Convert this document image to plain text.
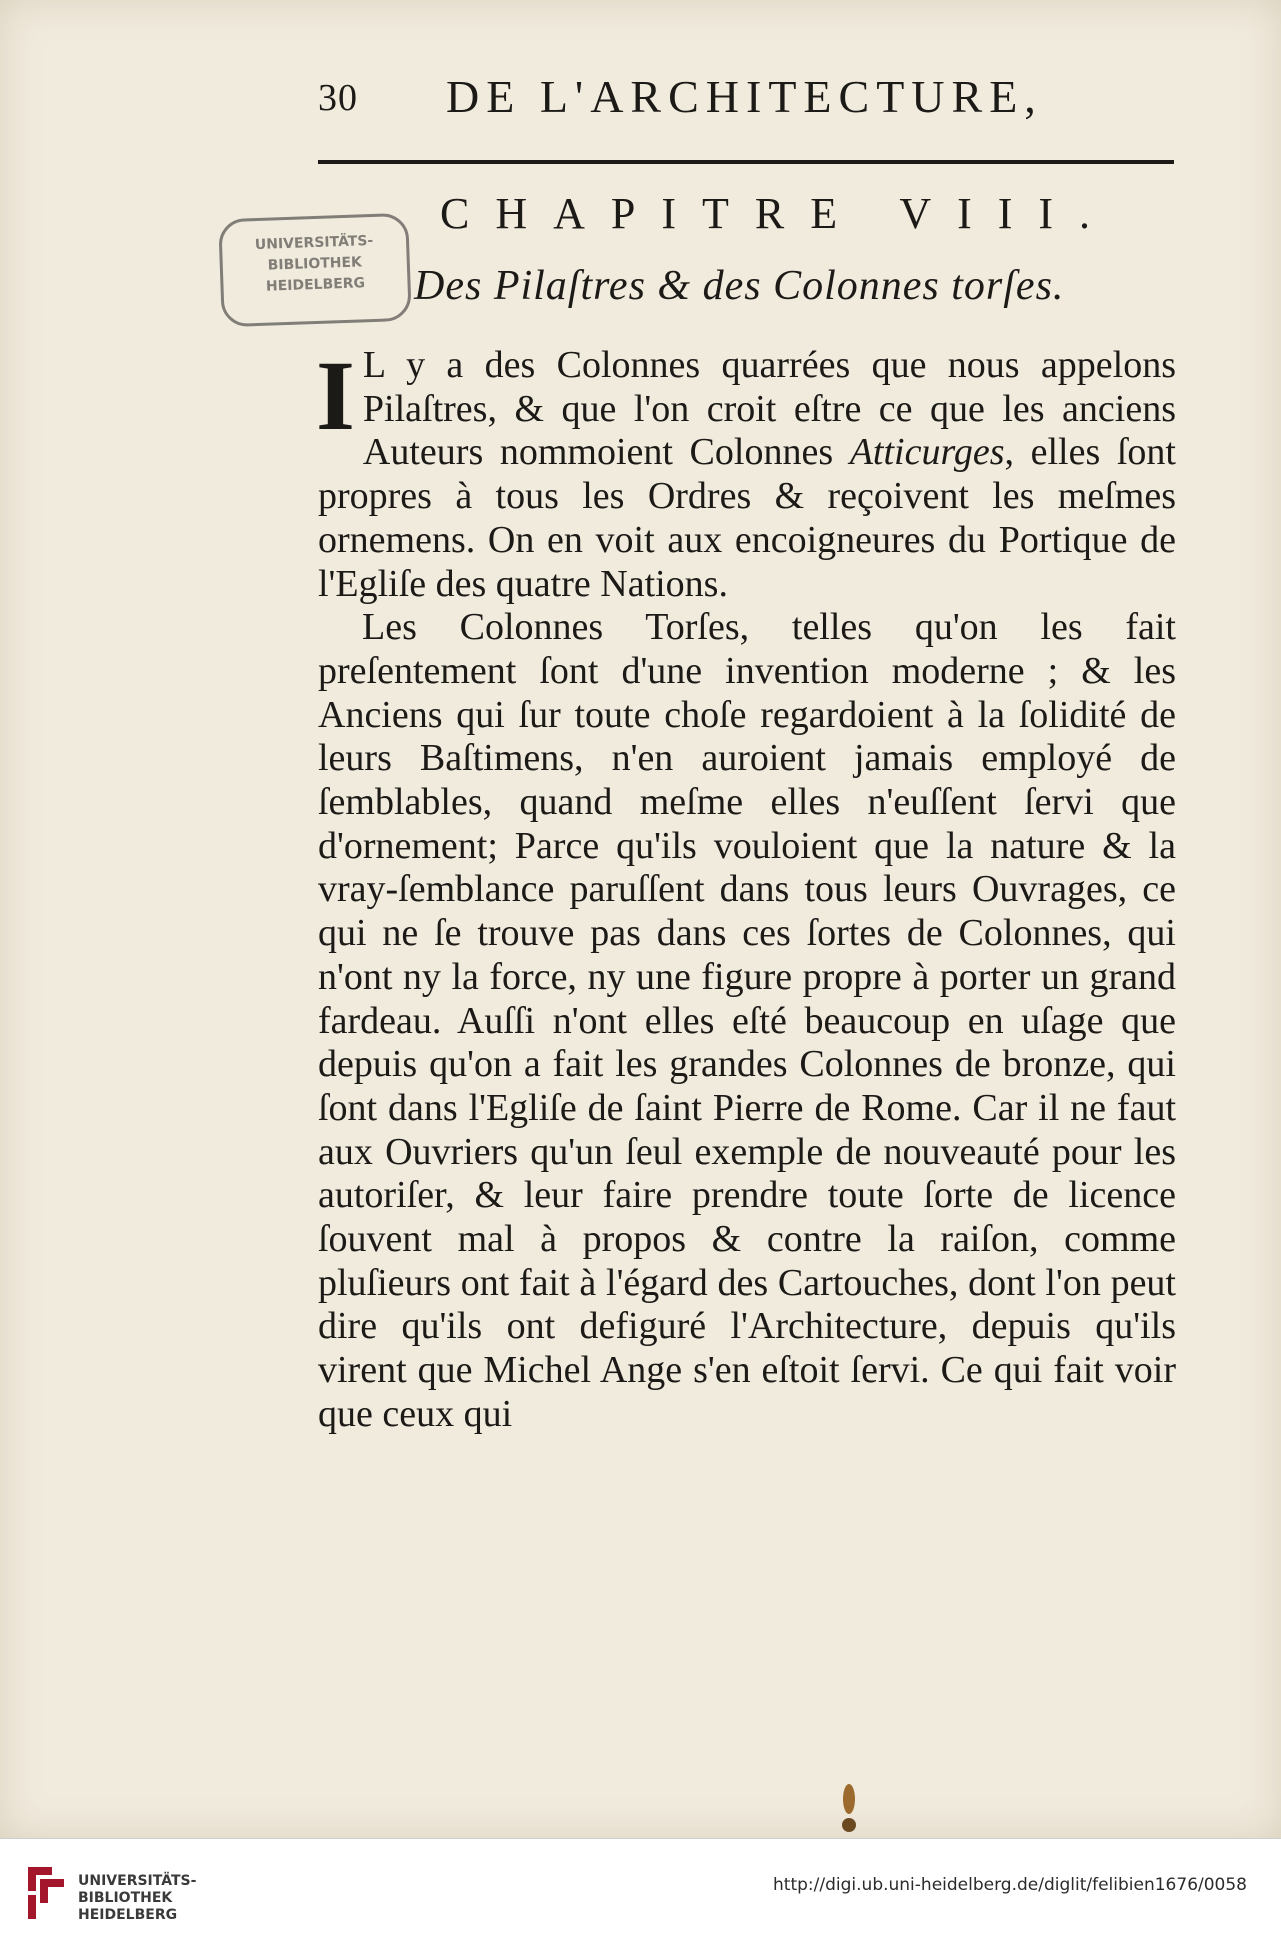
30 DE L'ARCHITECTURE,
UNIVERSITÄTS-
BIBLIOTHEK
HEIDELBERG
CHAPITRE VIII.
Des Pilaſtres & des Colonnes torſes.

I L y a des Colonnes quarrées que nous appelons Pilaſtres, & que l'on croit eſtre ce que les anciens Auteurs nommoient Colonnes Atticurges, elles ſont propres à tous les Ordres & reçoivent les meſmes ornemens. On en voit aux encoigneures du Portique de l'Egliſe des quatre Nations.

Les Colonnes Torſes, telles qu'on les fait preſentement ſont d'une invention moderne ; & les Anciens qui ſur toute choſe regardoient à la ſolidité de leurs Baſtimens, n'en auroient jamais employé de ſemblables, quand meſme elles n'euſſent ſervi que d'ornement; Parce qu'ils vouloient que la nature & la vray-ſemblance paruſſent dans tous leurs Ouvrages, ce qui ne ſe trouve pas dans ces ſortes de Colonnes, qui n'ont ny la force, ny une figure propre à porter un grand fardeau. Auſſi n'ont elles eſté beaucoup en uſage que depuis qu'on a fait les grandes Colonnes de bronze, qui ſont dans l'Egliſe de ſaint Pierre de Rome. Car il ne faut aux Ouvriers qu'un ſeul exemple de nouveauté pour les autoriſer, & leur faire prendre toute ſorte de licence ſouvent mal à propos & contre la raiſon, comme pluſieurs ont fait à l'égard des Cartouches, dont l'on peut dire qu'ils ont defiguré l'Architecture, depuis qu'ils virent que Michel Ange s'en eſtoit ſervi. Ce qui fait voir que ceux qui

UNIVERSITÄTS-
BIBLIOTHEK
HEIDELBERG
http://digi.ub.uni-heidelberg.de/diglit/felibien1676/0058
